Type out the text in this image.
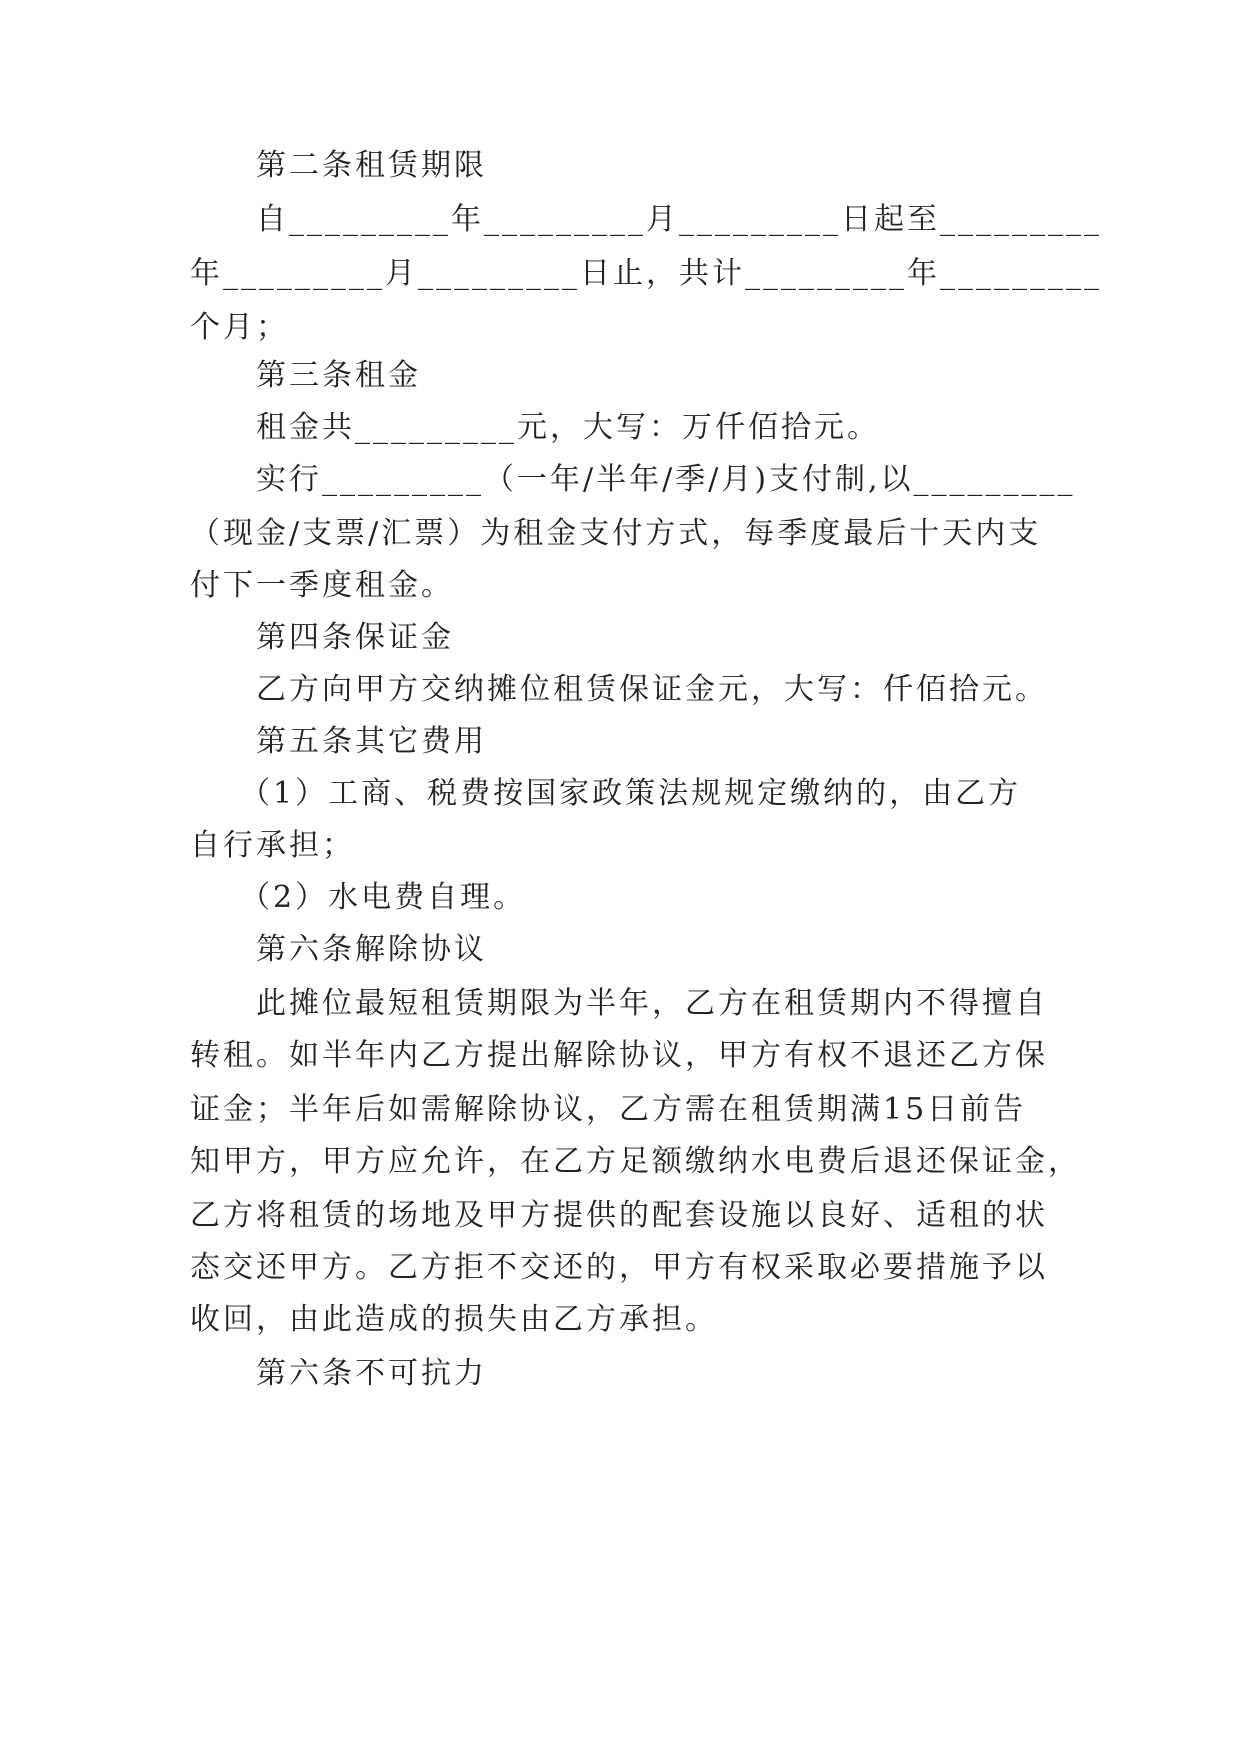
第二条租赁期限

自_________年_________月_________日起至_________

年_________月_________日止，共计_________年_________

个月；

第三条租金

租金共_________元，大写：万仟佰拾元。

实行_________（一年/半年/季/月)支付制,以_________

（现金/支票/汇票）为租金支付方式，每季度最后十天内支

付下一季度租金。

第四条保证金

乙方向甲方交纳摊位租赁保证金元，大写：仟佰拾元。

第五条其它费用

（1）工商、税费按国家政策法规规定缴纳的，由乙方

自行承担；

（2）水电费自理。

第六条解除协议

此摊位最短租赁期限为半年，乙方在租赁期内不得擅自

转租。如半年内乙方提出解除协议，甲方有权不退还乙方保

证金；半年后如需解除协议，乙方需在租赁期满15日前告

知甲方，甲方应允许，在乙方足额缴纳水电费后退还保证金，

乙方将租赁的场地及甲方提供的配套设施以良好、适租的状

态交还甲方。乙方拒不交还的，甲方有权采取必要措施予以

收回，由此造成的损失由乙方承担。

第六条不可抗力
